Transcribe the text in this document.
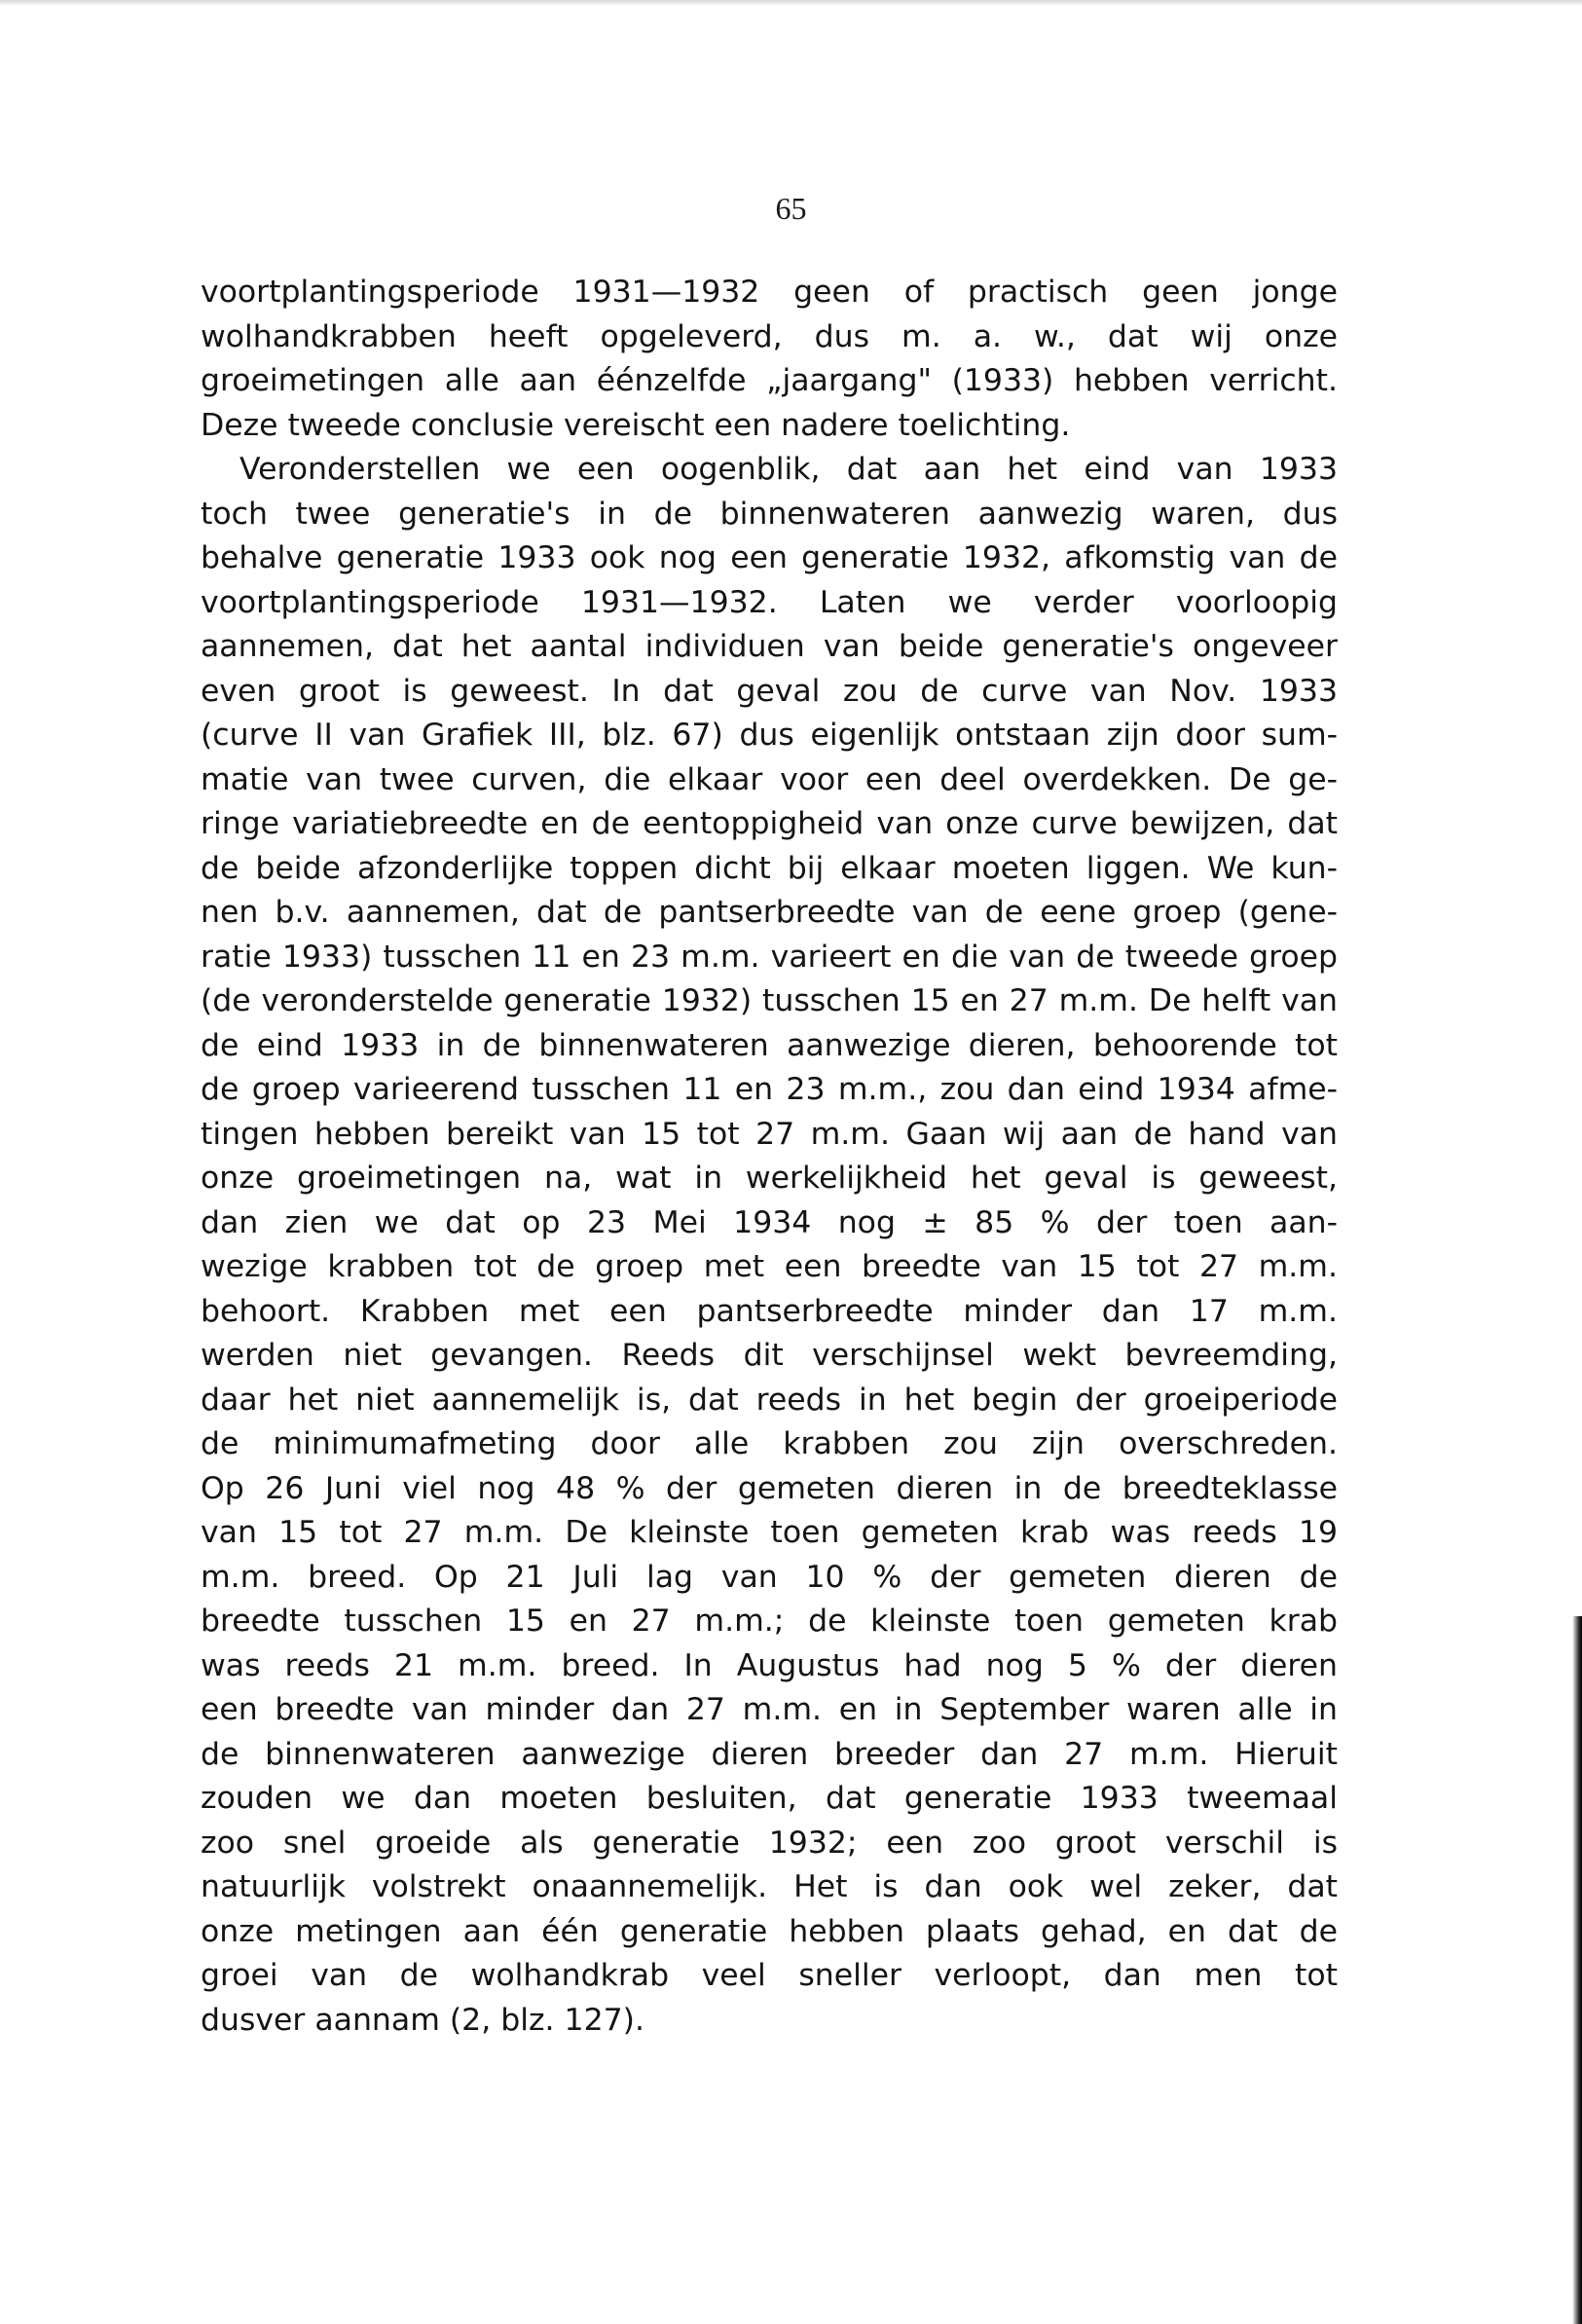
65
voortplantingsperiode 1931—1932 geen of practisch geen jonge
wolhandkrabben heeft opgeleverd, dus m. a. w., dat wij onze
groeimetingen alle aan éénzelfde „jaargang" (1933) hebben verricht.
Deze tweede conclusie vereischt een nadere toelichting.
Veronderstellen we een oogenblik, dat aan het eind van 1933
toch twee generatie's in de binnenwateren aanwezig waren, dus
behalve generatie 1933 ook nog een generatie 1932, afkomstig van de
voortplantingsperiode 1931—1932. Laten we verder voorloopig
aannemen, dat het aantal individuen van beide generatie's ongeveer
even groot is geweest. In dat geval zou de curve van Nov. 1933
(curve II van Grafiek III, blz. 67) dus eigenlijk ontstaan zijn door sum-
matie van twee curven, die elkaar voor een deel overdekken. De ge-
ringe variatiebreedte en de eentoppigheid van onze curve bewijzen, dat
de beide afzonderlijke toppen dicht bij elkaar moeten liggen. We kun-
nen b.v. aannemen, dat de pantserbreedte van de eene groep (gene-
ratie 1933) tusschen 11 en 23 m.m. varieert en die van de tweede groep
(de veronderstelde generatie 1932) tusschen 15 en 27 m.m. De helft van
de eind 1933 in de binnenwateren aanwezige dieren, behoorende tot
de groep varieerend tusschen 11 en 23 m.m., zou dan eind 1934 afme-
tingen hebben bereikt van 15 tot 27 m.m. Gaan wij aan de hand van
onze groeimetingen na, wat in werkelijkheid het geval is geweest,
dan zien we dat op 23 Mei 1934 nog ± 85 % der toen aan-
wezige krabben tot de groep met een breedte van 15 tot 27 m.m.
behoort. Krabben met een pantserbreedte minder dan 17 m.m.
werden niet gevangen. Reeds dit verschijnsel wekt bevreemding,
daar het niet aannemelijk is, dat reeds in het begin der groeiperiode
de minimumafmeting door alle krabben zou zijn overschreden.
Op 26 Juni viel nog 48 % der gemeten dieren in de breedteklasse
van 15 tot 27 m.m. De kleinste toen gemeten krab was reeds 19
m.m. breed. Op 21 Juli lag van 10 % der gemeten dieren de
breedte tusschen 15 en 27 m.m.; de kleinste toen gemeten krab
was reeds 21 m.m. breed. In Augustus had nog 5 % der dieren
een breedte van minder dan 27 m.m. en in September waren alle in
de binnenwateren aanwezige dieren breeder dan 27 m.m. Hieruit
zouden we dan moeten besluiten, dat generatie 1933 tweemaal
zoo snel groeide als generatie 1932; een zoo groot verschil is
natuurlijk volstrekt onaannemelijk. Het is dan ook wel zeker, dat
onze metingen aan één generatie hebben plaats gehad, en dat de
groei van de wolhandkrab veel sneller verloopt, dan men tot
dusver aannam (2, blz. 127).
